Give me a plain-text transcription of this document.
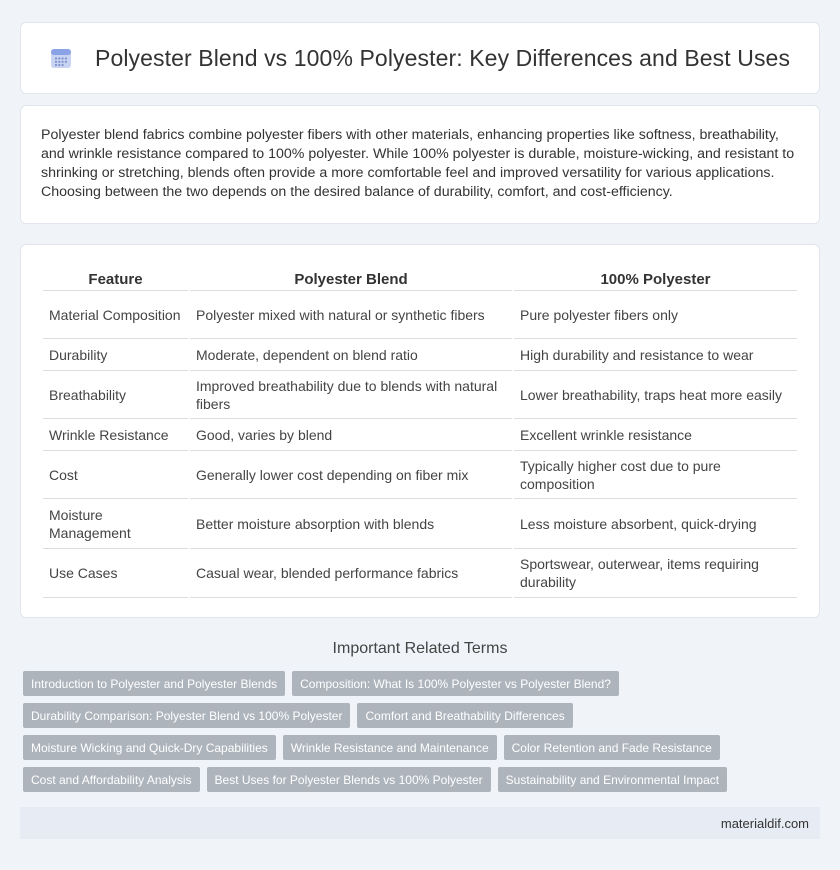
Polyester Blend vs 100% Polyester: Key Differences and Best Uses

Polyester blend fabrics combine polyester fibers with other materials, enhancing properties like softness, breathability, and wrinkle resistance compared to 100% polyester. While 100% polyester is durable, moisture-wicking, and resistant to shrinking or stretching, blends often provide a more comfortable feel and improved versatility for various applications. Choosing between the two depends on the desired balance of durability, comfort, and cost-efficiency.

Feature		Polyester Blend		100% Polyester
Material Composition		Polyester mixed with natural or synthetic fibers		Pure polyester fibers only
Durability		Moderate, dependent on blend ratio		High durability and resistance to wear
Breathability		Improved breathability due to blends with natural fibers		Lower breathability, traps heat more easily
Wrinkle Resistance		Good, varies by blend		Excellent wrinkle resistance
Cost		Generally lower cost depending on fiber mix		Typically higher cost due to pure composition
Moisture Management		Better moisture absorption with blends		Less moisture absorbent, quick-drying
Use Cases		Casual wear, blended performance fabrics		Sportswear, outerwear, items requiring durability
Important Related Terms
Introduction to Polyester and Polyester Blends	Composition: What Is 100% Polyester vs Polyester Blend?
Durability Comparison: Polyester Blend vs 100% Polyester	Comfort and Breathability Differences
Moisture Wicking and Quick-Dry Capabilities	Wrinkle Resistance and Maintenance	Color Retention and Fade Resistance
Cost and Affordability Analysis	Best Uses for Polyester Blends vs 100% Polyester	Sustainability and Environmental Impact
materialdif.com
